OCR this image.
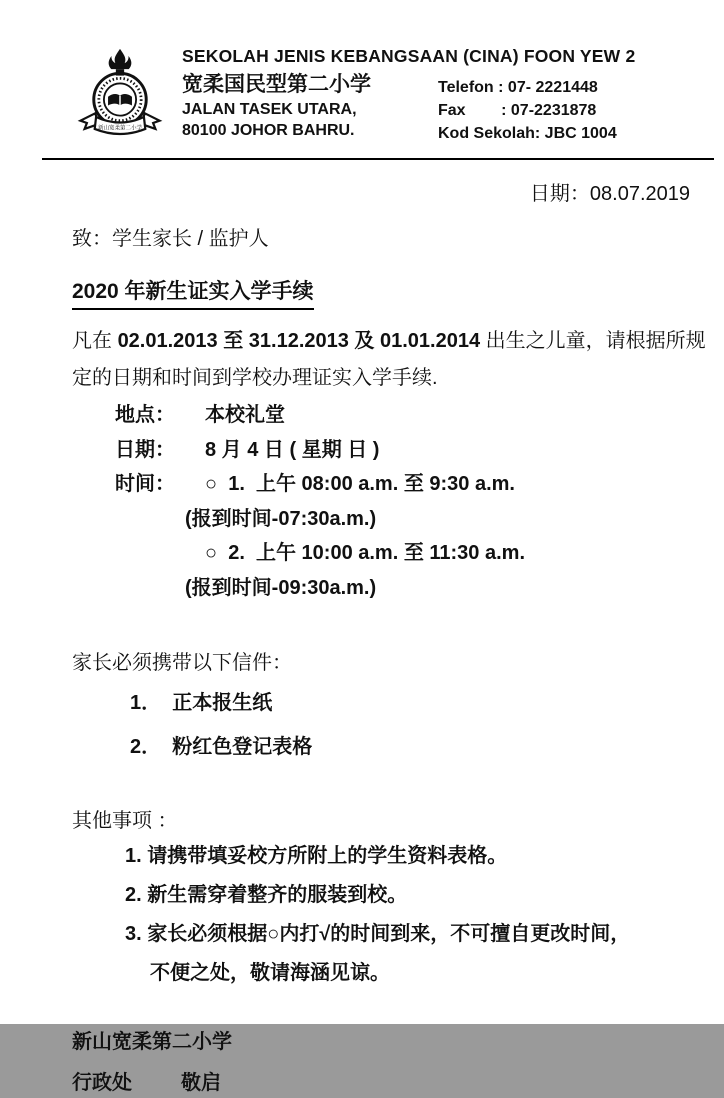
新山宽柔第二小学
SEKOLAH JENIS KEBANGSAAN (CINA) FOON YEW 2
宽柔国民型第二小学
JALAN TASEK UTARA,
80100 JOHOR BAHRU.
Telefon : 07- 2221448
Fax        : 07-2231878
Kod Sekolah: JBC 1004
日期：08.07.2019
致：学生家长 / 监护人
2020 年新生证实入学手续
凡在 02.01.2013 至 31.12.2013 及 01.01.2014 出生之儿童，请根据所规
定的日期和时间到学校办理证实入学手续.
地点：	本校礼堂
日期：	8 月 4 日 ( 星期 日 )
时间：	○  1.  上午 08:00 a.m. 至 9:30 a.m.
(报到时间-07:30a.m.)
○  2.  上午 10:00 a.m. 至 11:30 a.m.
(报到时间-09:30a.m.)
家长必须携带以下信件：
1．  正本报生纸
2．  粉红色登记表格
其他事项 ：
1. 请携带填妥校方所附上的学生资料表格。
2. 新生需穿着整齐的服装到校。
3. 家长必须根据○内打√的时间到来，不可擅自更改时间，
不便之处，敬请海涵见谅。
新山宽柔第二小学
行政处 敬启
